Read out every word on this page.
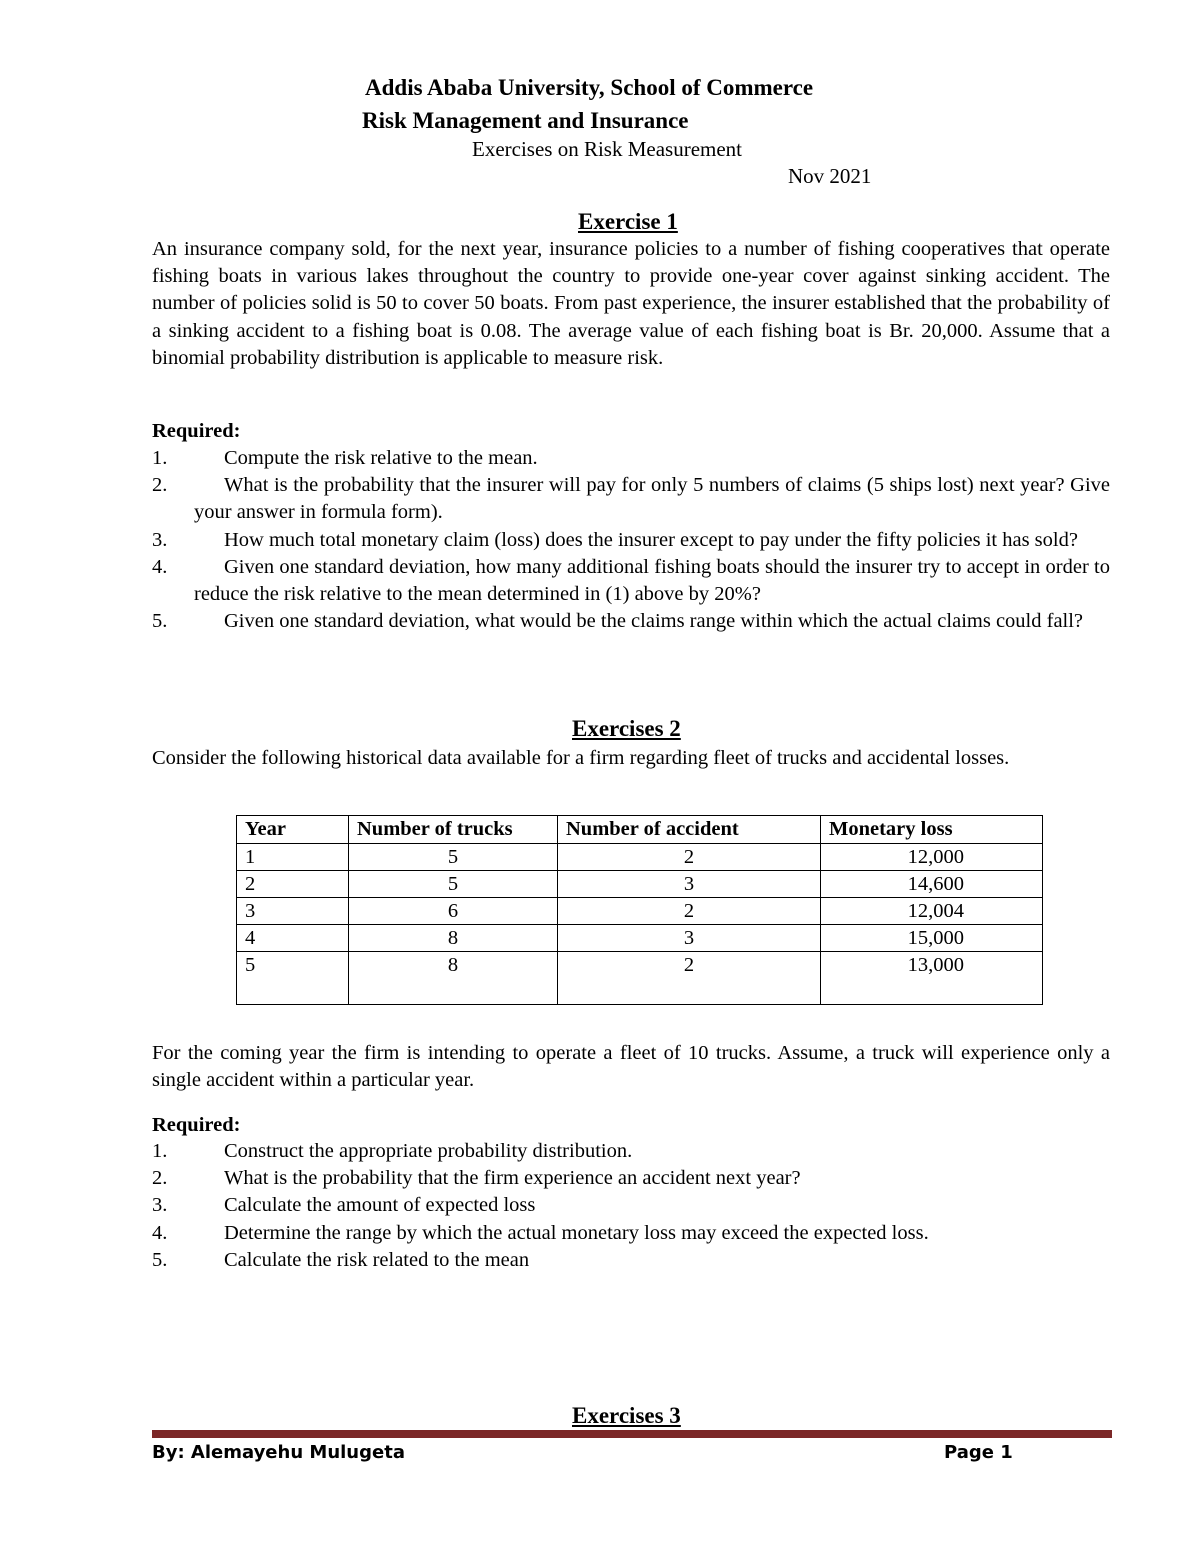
Addis Ababa University, School of Commerce
Risk Management and Insurance
Exercises on Risk Measurement
Nov 2021
Exercise 1
An insurance company sold, for the next year, insurance policies to a number of fishing cooperatives that operate fishing boats in various lakes throughout the country to provide one-year cover against sinking accident. The number of policies solid is 50 to cover 50 boats. From past experience, the insurer established that the probability of a sinking accident to a fishing boat is 0.08. The average value of each fishing boat is Br. 20,000. Assume that a binomial probability distribution is applicable to measure risk.
Required:
1.	Compute the risk relative to the mean.
2.	What is the probability that the insurer will pay for only 5 numbers of claims (5 ships lost) next year? Give your answer in formula form).
3.	How much total monetary claim (loss) does the insurer except to pay under the fifty policies it has sold?
4.	Given one standard deviation, how many additional fishing boats should the insurer try to accept in order to reduce the risk relative to the mean determined in (1) above by 20%?
5.	Given one standard deviation, what would be the claims range within which the actual claims could fall?
Exercises 2
Consider the following historical data available for a firm regarding fleet of trucks and accidental losses.
Year	Number of trucks	Number of accident	Monetary loss
1	5	2	12,000
2	5	3	14,600
3	6	2	12,004
4	8	3	15,000
5	8	2	13,000
For the coming year the firm is intending to operate a fleet of 10 trucks. Assume, a truck will experience only a single accident within a particular year.
Required:
1.	Construct the appropriate probability distribution.
2.	What is the probability that the firm experience an accident next year?
3.	Calculate the amount of expected loss
4.	Determine the range by which the actual monetary loss may exceed the expected loss.
5.	Calculate the risk related to the mean
Exercises 3
By: Alemayehu Mulugeta	Page 1
